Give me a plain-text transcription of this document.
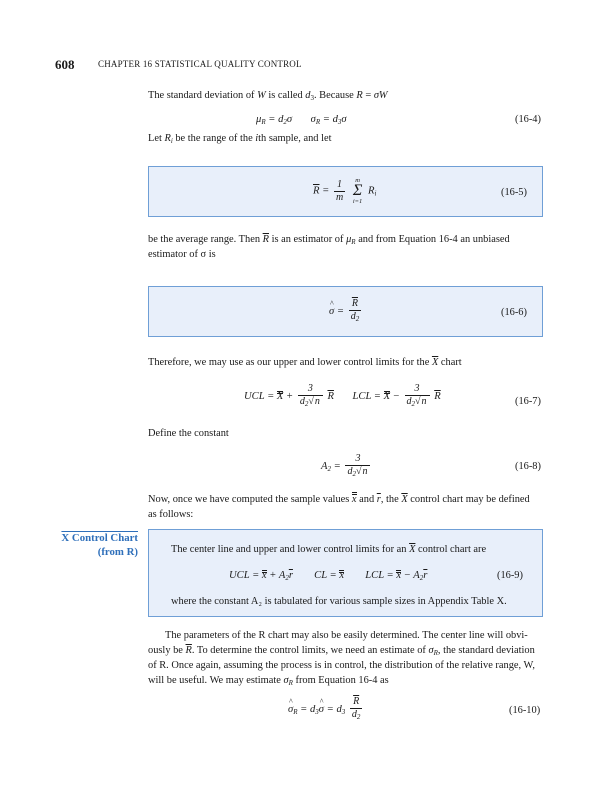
608	CHAPTER 16 STATISTICAL QUALITY CONTROL
The standard deviation of W is called $d_3$. Because R = σW
$\mu_R = d_2\sigma$       $\sigma_R = d_3\sigma$	(16-4)
Let $R_i$ be the range of the ith sample, and let
$\overline{R} = \frac{1}{m}$
m
Σ
i=1
$R_i$	(16-5)
be the average range. Then $\overline{R}$ is an estimator of $\mu_R$ and from Equation 16-4 an unbiased
estimator of σ is
σ ^ = $\frac{\overline{R}}{d_2}$	(16-6)
Therefore, we may use as our upper and lower control limits for the $\overline{X}$ chart
UCL = $X + \frac{3}{d_2√n} \overline{R}$       LCL = $X - \frac{3}{d_2√n} \overline{R}$	(16-7)
Define the constant
$A_2 = \frac{3}{d_2√n}$	(16-8)
Now, once we have computed the sample values x and $\overline{r}$, the $\overline{X}$ control chart may be defined
as follows:
X Control Chart
(from R)	The center line and upper and lower control limits for an $\overline{X}$ control chart are
UCL = $x + A_2\overline{r}$        CL = x        LCL = $x - A_2\overline{r}$	(16-9)
where the constant A₂ is tabulated for various sample sizes in Appendix Table X.
The parameters of the R chart may also be easily determined. The center line will obvi-
ously be $\overline{R}$. To determine the control limits, we need an estimate of $\sigma_R$, the standard deviation
of R. Once again, assuming the process is in control, the distribution of the relative range, W,
will be useful. We may estimate $\sigma_R$ from Equation 16-4 as
σ $\^{}_R = d_3\sigma$ ^ = $d_3 \frac{\overline{R}}{d_2}$	(16-10)
